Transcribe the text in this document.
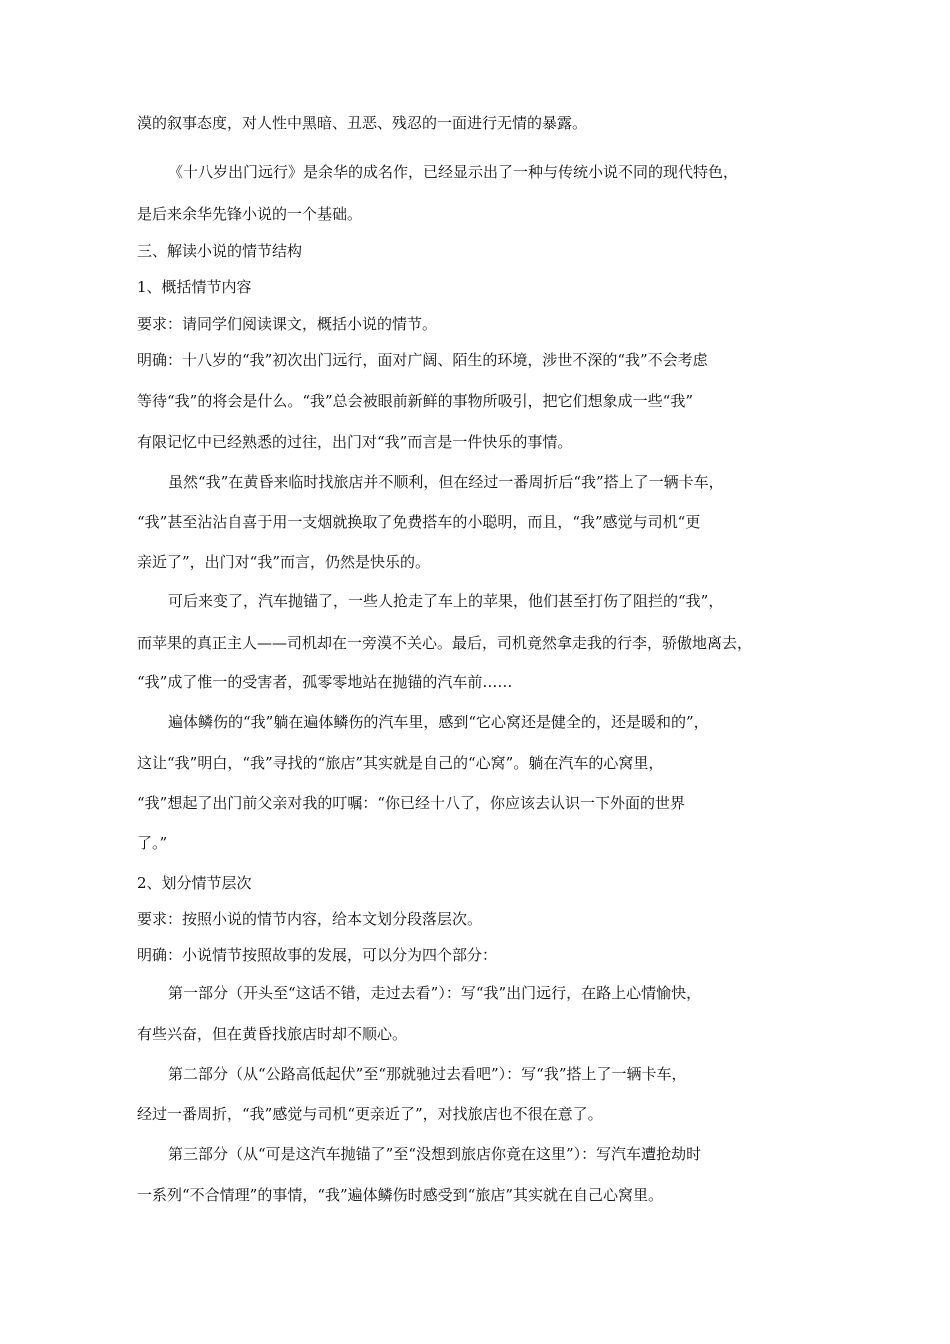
漠的叙事态度，对人性中黑暗、丑恶、残忍的一面进行无情的暴露。

《十八岁出门远行》是余华的成名作，已经显示出了一种与传统小说不同的现代特色，

是后来余华先锋小说的一个基础。

三、解读小说的情节结构

1、概括情节内容

要求：请同学们阅读课文，概括小说的情节。

明确：十八岁的“我”初次出门远行，面对广阔、陌生的环境，涉世不深的“我”不会考虑

等待“我”的将会是什么。“我”总会被眼前新鲜的事物所吸引，把它们想象成一些“我”

有限记忆中已经熟悉的过往，出门对“我”而言是一件快乐的事情。

虽然“我”在黄昏来临时找旅店并不顺利，但在经过一番周折后“我”搭上了一辆卡车，

“我”甚至沾沾自喜于用一支烟就换取了免费搭车的小聪明，而且，“我”感觉与司机“更

亲近了”，出门对“我”而言，仍然是快乐的。

可后来变了，汽车抛锚了，一些人抢走了车上的苹果，他们甚至打伤了阻拦的“我”，

而苹果的真正主人——司机却在一旁漠不关心。最后，司机竟然拿走我的行李，骄傲地离去，

“我”成了惟一的受害者，孤零零地站在抛锚的汽车前……

遍体鳞伤的“我”躺在遍体鳞伤的汽车里，感到“它心窝还是健全的，还是暖和的”，

这让“我”明白，“我”寻找的“旅店”其实就是自己的“心窝”。躺在汽车的心窝里，

“我”想起了出门前父亲对我的叮嘱：“你已经十八了，你应该去认识一下外面的世界

了。”

2、划分情节层次

要求：按照小说的情节内容，给本文划分段落层次。

明确：小说情节按照故事的发展，可以分为四个部分：

第一部分（开头至“这话不错，走过去看”）：写“我”出门远行，在路上心情愉快，

有些兴奋，但在黄昏找旅店时却不顺心。

第二部分（从“公路高低起伏”至“那就驰过去看吧”）：写“我”搭上了一辆卡车，

经过一番周折，“我”感觉与司机“更亲近了”，对找旅店也不很在意了。

第三部分（从“可是这汽车抛锚了”至“没想到旅店你竟在这里”）：写汽车遭抢劫时

一系列“不合情理”的事情，“我”遍体鳞伤时感受到“旅店”其实就在自己心窝里。
